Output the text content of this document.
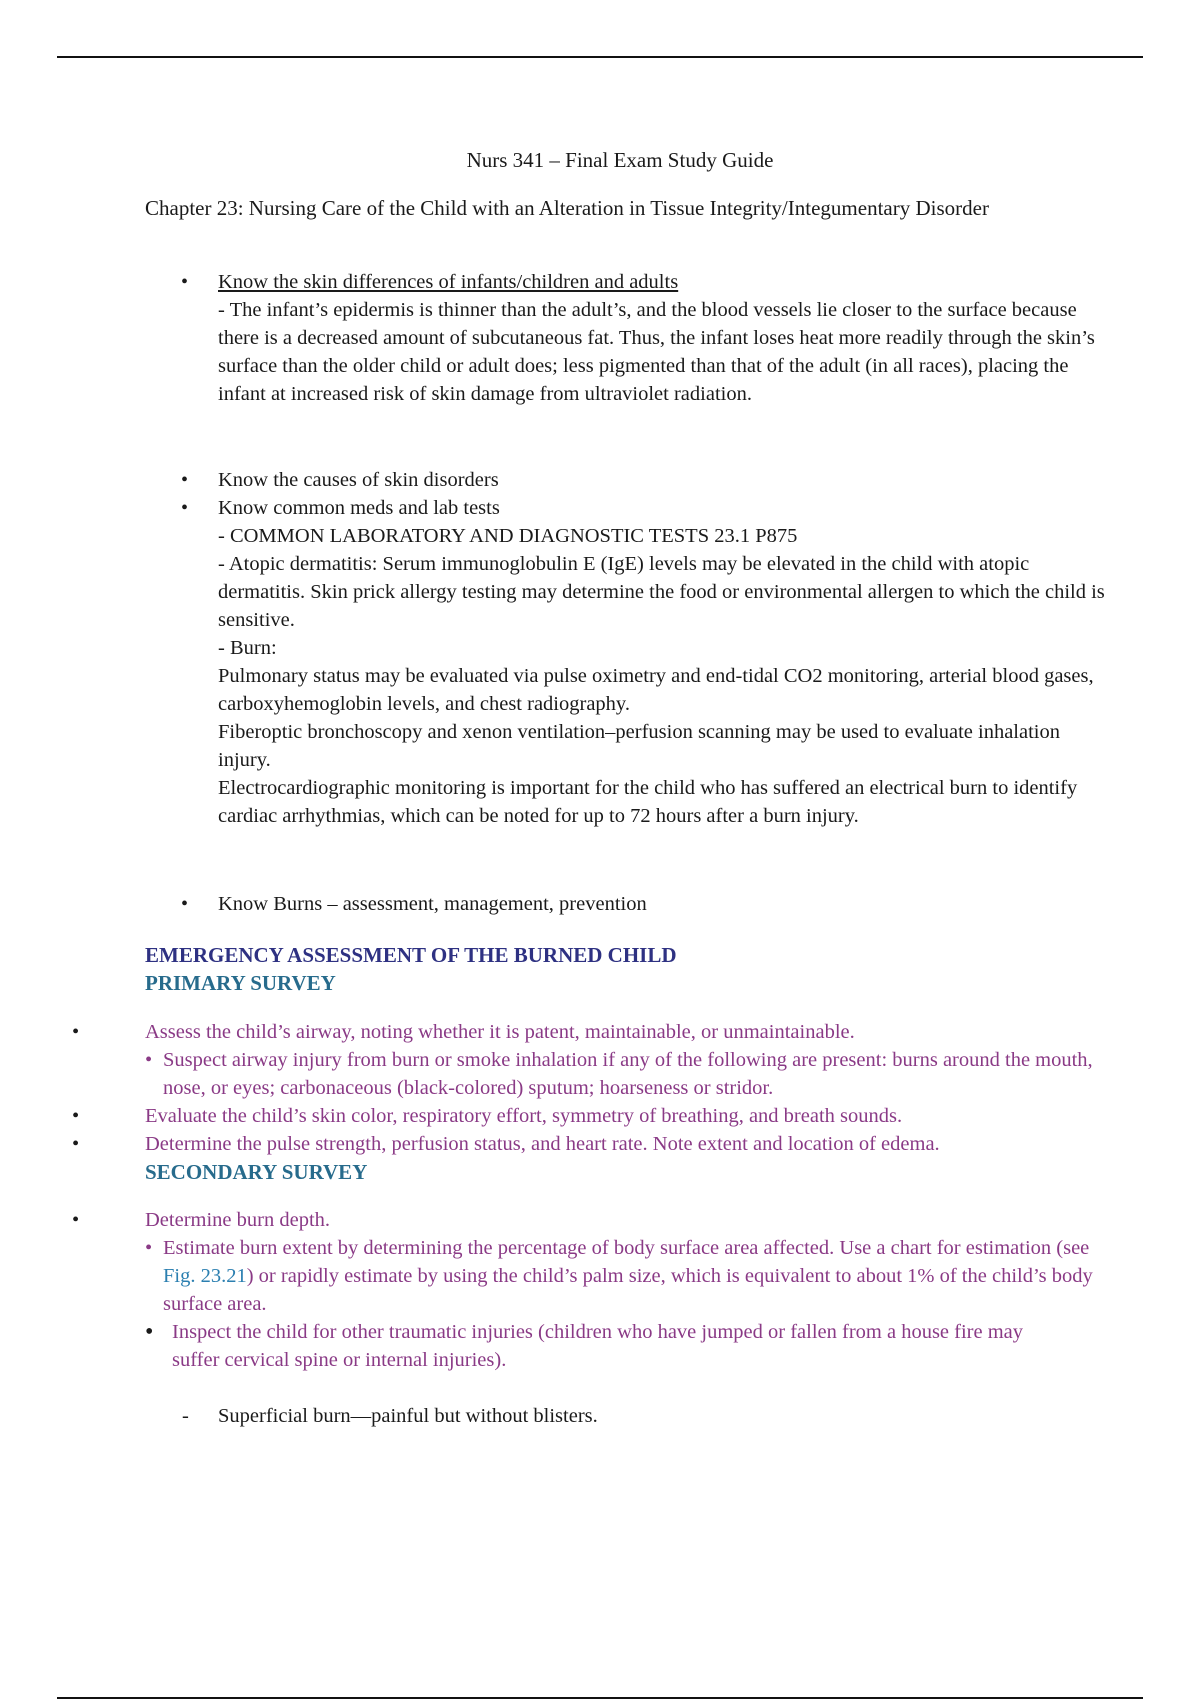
Nurs 341 – Final Exam Study Guide
Chapter 23: Nursing Care of the Child with an Alteration in Tissue Integrity/Integumentary Disorder
• Know the skin differences of infants/children and adults

- The infant’s epidermis is thinner than the adult’s, and the blood vessels lie closer to the surface because there is a decreased amount of subcutaneous fat. Thus, the infant loses heat more readily through the skin’s surface than the older child or adult does; less pigmented than that of the adult (in all races), placing the infant at increased risk of skin damage from ultraviolet radiation.

• Know the causes of skin disorders
• Know common meds and lab tests
- COMMON LABORATORY AND DIAGNOSTIC TESTS 23.1 P875
- Atopic dermatitis: Serum immunoglobulin E (IgE) levels may be elevated in the child with atopic dermatitis. Skin prick allergy testing may determine the food or environmental allergen to which the child is sensitive.
- Burn:
Pulmonary status may be evaluated via pulse oximetry and end-tidal CO2 monitoring, arterial blood gases, carboxyhemoglobin levels, and chest radiography.
Fiberoptic bronchoscopy and xenon ventilation–perfusion scanning may be used to evaluate inhalation injury.
Electrocardiographic monitoring is important for the child who has suffered an electrical burn to identify cardiac arrhythmias, which can be noted for up to 72 hours after a burn injury.
• Know Burns – assessment, management, prevention
EMERGENCY ASSESSMENT OF THE BURNED CHILD
PRIMARY SURVEY
•	Assess the child’s airway, noting whether it is patent, maintainable, or unmaintainable.
• Suspect airway injury from burn or smoke inhalation if any of the following are present: burns around the mouth, nose, or eyes; carbonaceous (black-colored) sputum; hoarseness or stridor.
•	Evaluate the child’s skin color, respiratory effort, symmetry of breathing, and breath sounds.
•	Determine the pulse strength, perfusion status, and heart rate. Note extent and location of edema.
SECONDARY SURVEY
•	Determine burn depth.
• Estimate burn extent by determining the percentage of body surface area affected. Use a chart for estimation (see Fig. 23.21) or rapidly estimate by using the child’s palm size, which is equivalent to about 1% of the child’s body surface area.
• Inspect the child for other traumatic injuries (children who have jumped or fallen from a house fire may suffer cervical spine or internal injuries).
- Superficial burn—painful but without blisters.
